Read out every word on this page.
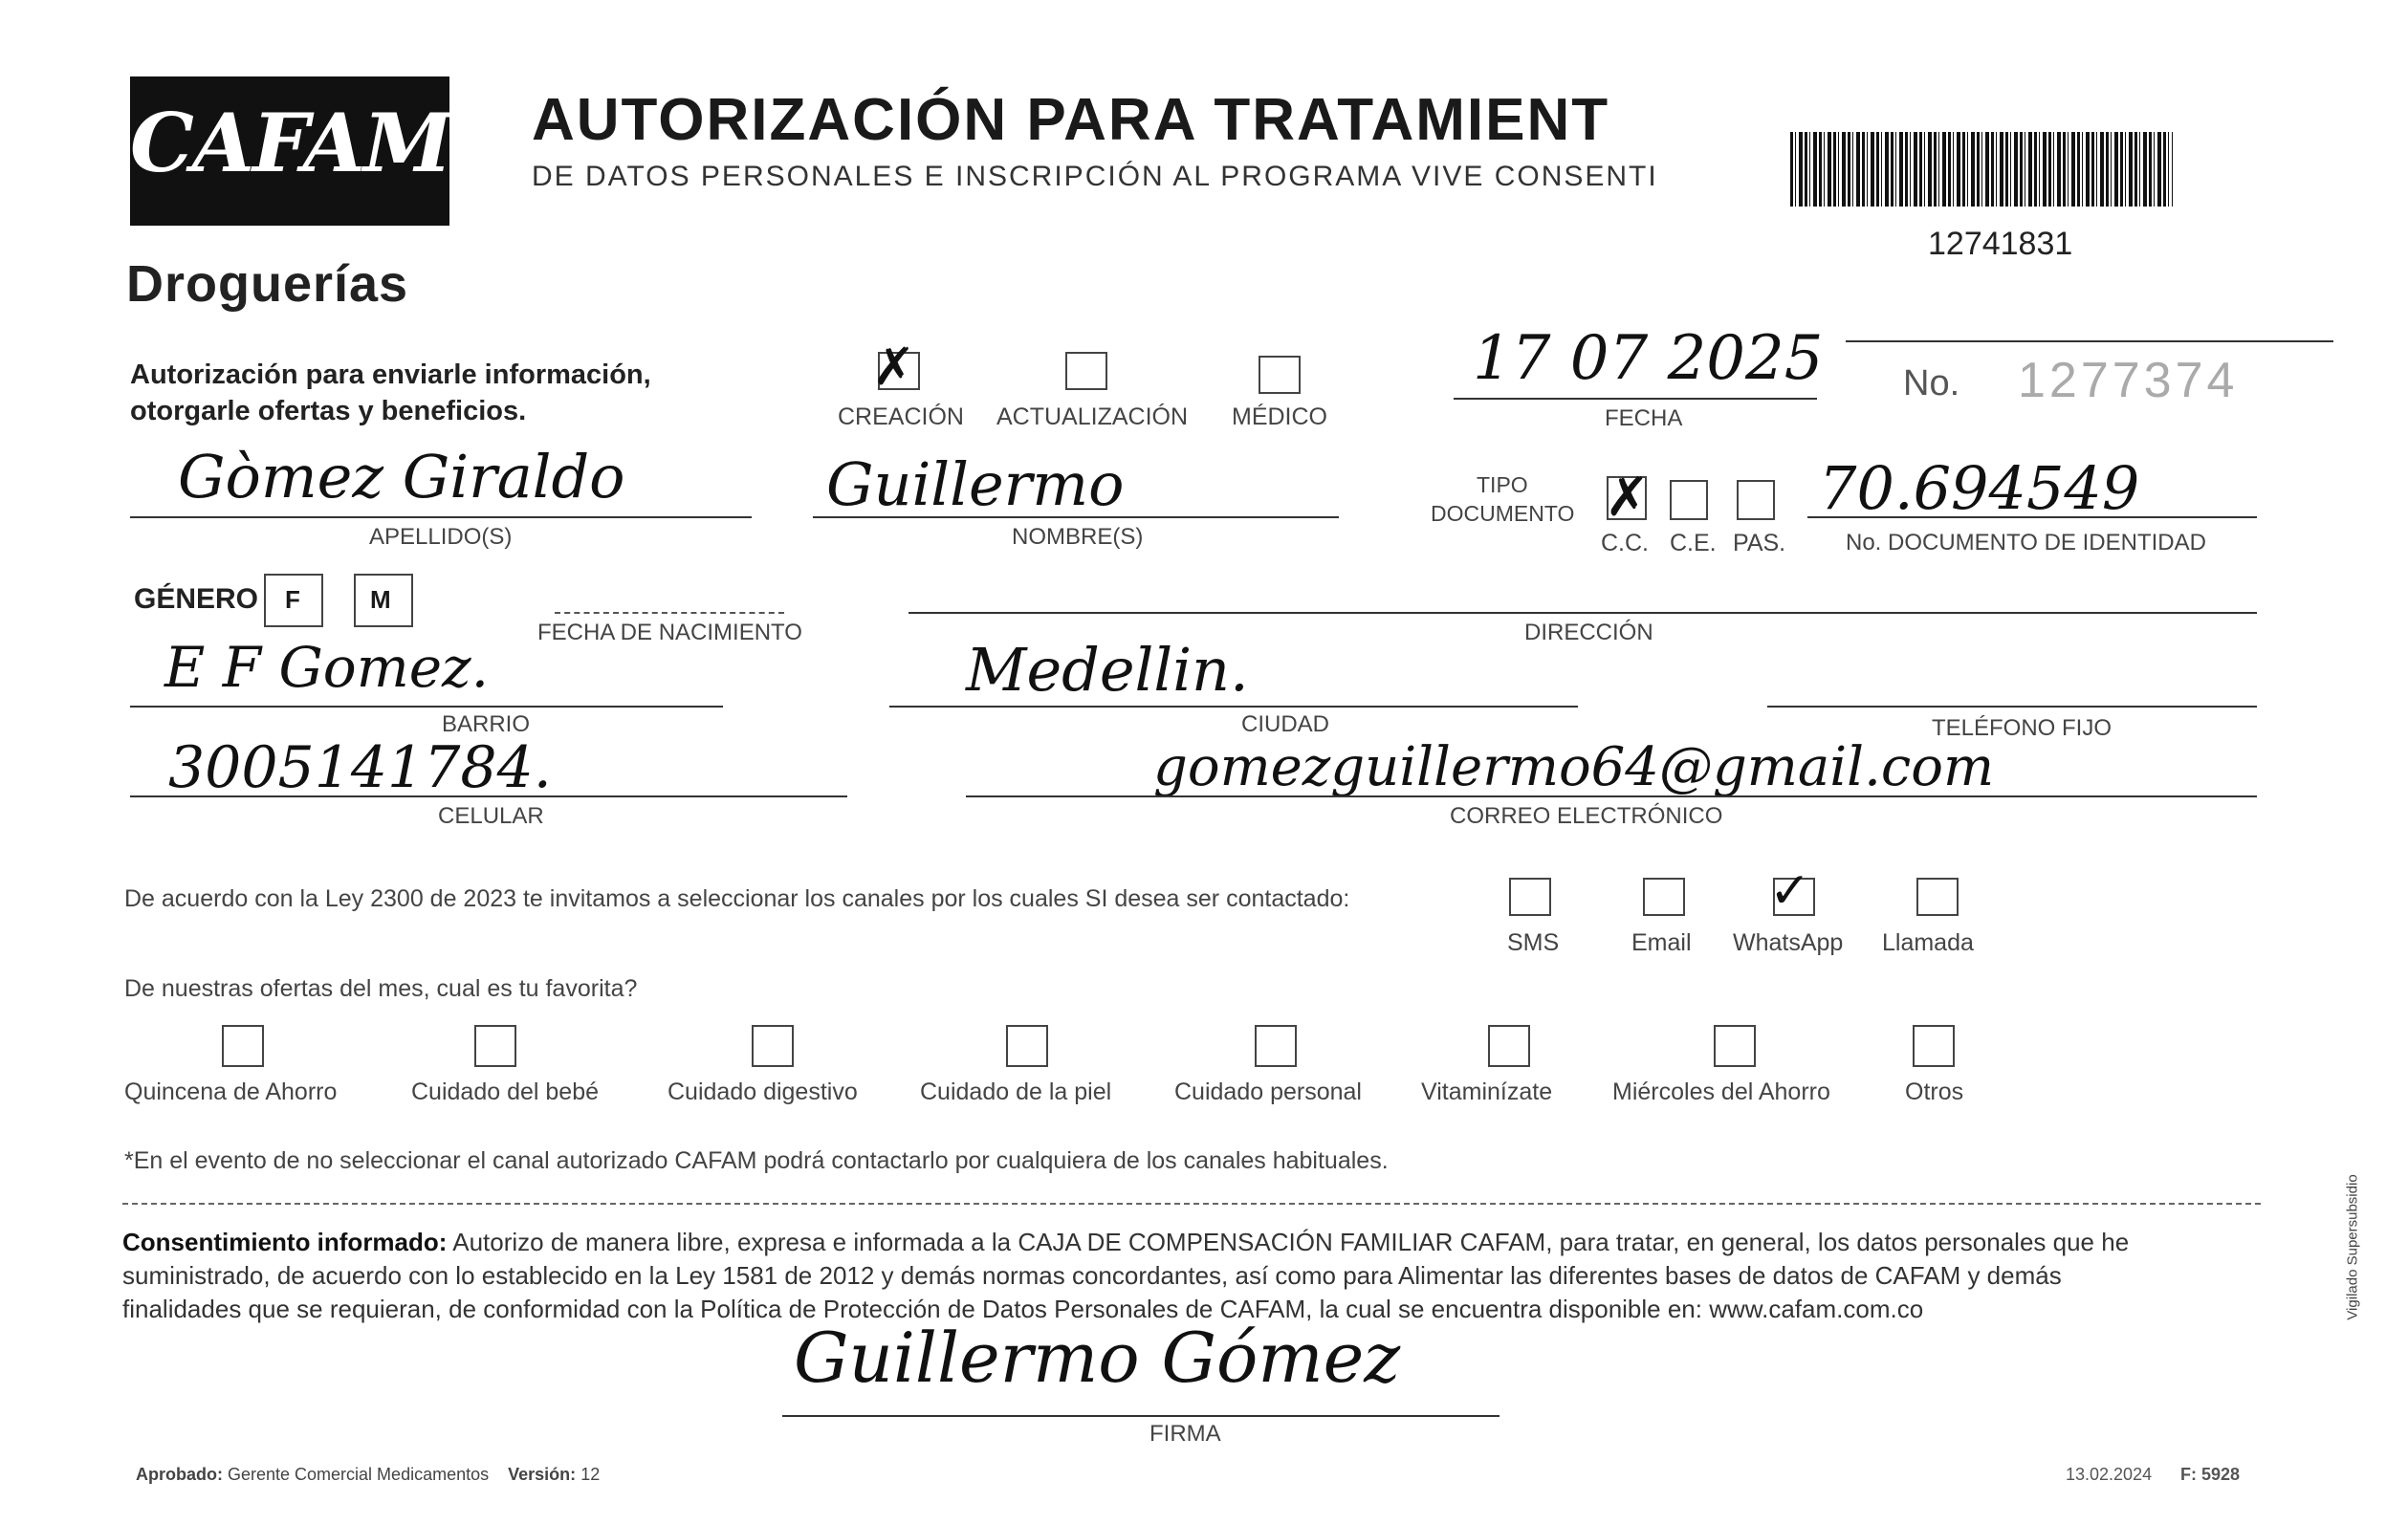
CAFAM
Droguerías
AUTORIZACIÓN PARA TRATAMIENT
DE DATOS PERSONALES E INSCRIPCIÓN AL PROGRAMA VIVE CONSENTI
12741831
Autorización para enviarle información,
otorgarle ofertas y beneficios.
✗
CREACIÓN ACTUALIZACIÓN MÉDICO
17 07 2025
FECHA
No. 1277374
Gòmez Giraldo
APELLIDO(S)
Guillermo
NOMBRE(S)
TIPO
DOCUMENTO ✗
C.C. C.E. PAS.
70.694549
No. DOCUMENTO DE IDENTIDAD
GÉNERO F	M
FECHA DE NACIMIENTO	DIRECCIÓN
E F Gomez.
BARRIO
Medellin.
CIUDAD	TELÉFONO FIJO
3005141784.
CELULAR
gomezguillermo64@gmail.com
CORREO ELECTRÓNICO
De acuerdo con la Ley 2300 de 2023 te invitamos a seleccionar los canales por los cuales SI desea ser contactado:
SMS	Email
✓
WhatsApp Llamada
De nuestras ofertas del mes, cual es tu favorita?
Quincena de Ahorro	Cuidado del bebé	Cuidado digestivo	Cuidado de la piel	Cuidado personal Vitaminízate	Miércoles del Ahorro	Otros
*En el evento de no seleccionar el canal autorizado CAFAM podrá contactarlo por cualquiera de los canales habituales.
Consentimiento informado: Autorizo de manera libre, expresa e informada a la CAJA DE COMPENSACIÓN FAMILIAR CAFAM, para tratar, en general, los datos personales que he
suministrado, de acuerdo con lo establecido en la Ley 1581 de 2012 y demás normas concordantes, así como para Alimentar las diferentes bases de datos de CAFAM y demás
finalidades que se requieran, de conformidad con la Política de Protección de Datos Personales de CAFAM, la cual se encuentra disponible en: www.cafam.com.co
Guillermo Gómez
FIRMA
Aprobado: Gerente Comercial Medicamentos Versión: 12	13.02.2024 F: 5928
Vigilado Supersubsidio
